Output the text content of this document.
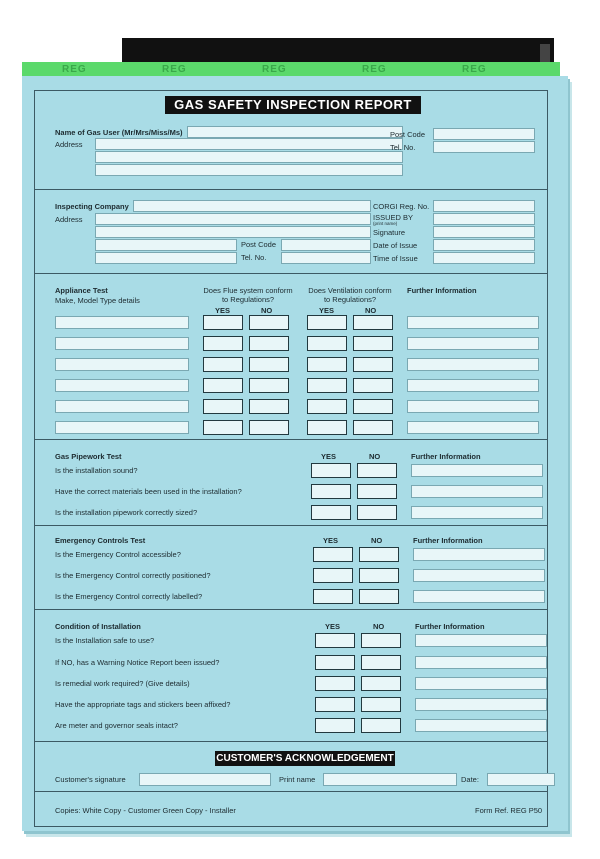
REG	REG	REG	REG	REG
GAS SAFETY INSPECTION REPORT
Name of Gas User (Mr/Mrs/Miss/Ms)
Address
Post Code
Tel. No.
Inspecting Company
Address
Post Code
Tel. No.
CORGI Reg. No.
ISSUED BY
(print name)
Signature
Date of Issue
Time of Issue
Appliance Test
Make, Model Type details
Does Flue system conform to Regulations?
Does Ventilation conform to Regulations?
Further Information
YES	NO	YES	NO
Gas Pipework Test	YES	NO	Further Information
Is the installation sound?
Have the correct materials been used in the installation?
Is the installation pipework correctly sized?
Emergency Controls Test	YES	NO	Further Information
Is the Emergency Control accessible?
Is the Emergency Control correctly positioned?
Is the Emergency Control correctly labelled?
Condition of Installation	YES	NO	Further Information
Is the Installation safe to use?
If NO, has a Warning Notice Report been issued?
Is remedial work required? (Give details)
Have the appropriate tags and stickers been affixed?
Are meter and governor seals intact?
CUSTOMER'S ACKNOWLEDGEMENT
Customer's signature	Print name	Date:
Copies: White Copy - Customer Green Copy - Installer	Form Ref. REG P50
